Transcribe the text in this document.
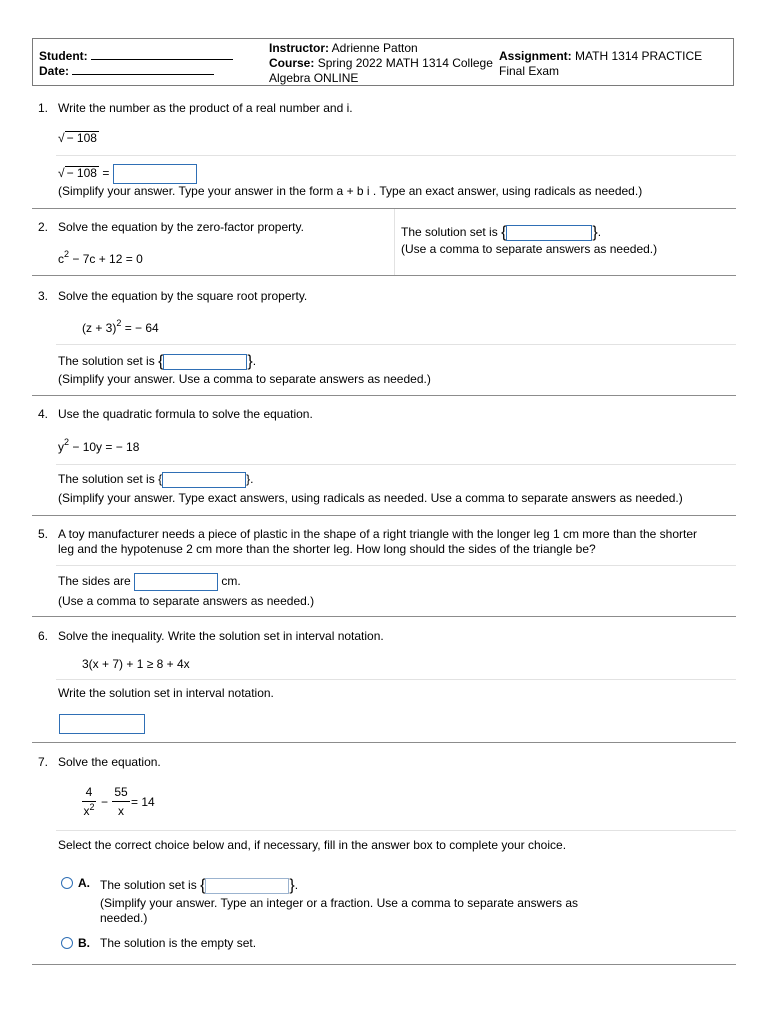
Student:
Date:
Instructor: Adrienne Patton
Course: Spring 2022 MATH 1314 College
Algebra ONLINE
Assignment: MATH 1314 PRACTICE
Final Exam
1. Write the number as the product of a real number and i.
√ − 108
√ − 108 =
(Simplify your answer. Type your answer in the form a + b i . Type an exact answer, using radicals as needed.)
2. Solve the equation by the zero-factor property.
$c^2 - 7c + 12 = 0$
The solution set is {	}.
(Use a comma to separate answers as needed.)
3. Solve the equation by the square root property.
$(z + 3)^2$ = − 64
The solution set is {	}.
(Simplify your answer. Use a comma to separate answers as needed.)
4. Use the quadratic formula to solve the equation.
$y^2 - 10y$ = − 18
The solution set is {	}.
(Simplify your answer. Type exact answers, using radicals as needed. Use a comma to separate answers as needed.)
5. A toy manufacturer needs a piece of plastic in the shape of a right triangle with the longer leg 1 cm more than the shorter
leg and the hypotenuse 2 cm more than the shorter leg. How long should the sides of the triangle be?
The sides are	cm.
(Use a comma to separate answers as needed.)
6. Solve the inequality. Write the solution set in interval notation.
3(x + 7) + 1 ≥ 8 + 4x
Write the solution set in interval notation.
7. Solve the equation.
$\frac{4}{x^2} - \frac{55}{x} = 14$
Select the correct choice below and, if necessary, fill in the answer box to complete your choice.
A. The solution set is {	}.
(Simplify your answer. Type an integer or a fraction. Use a comma to separate answers as
needed.)
B. The solution is the empty set.
